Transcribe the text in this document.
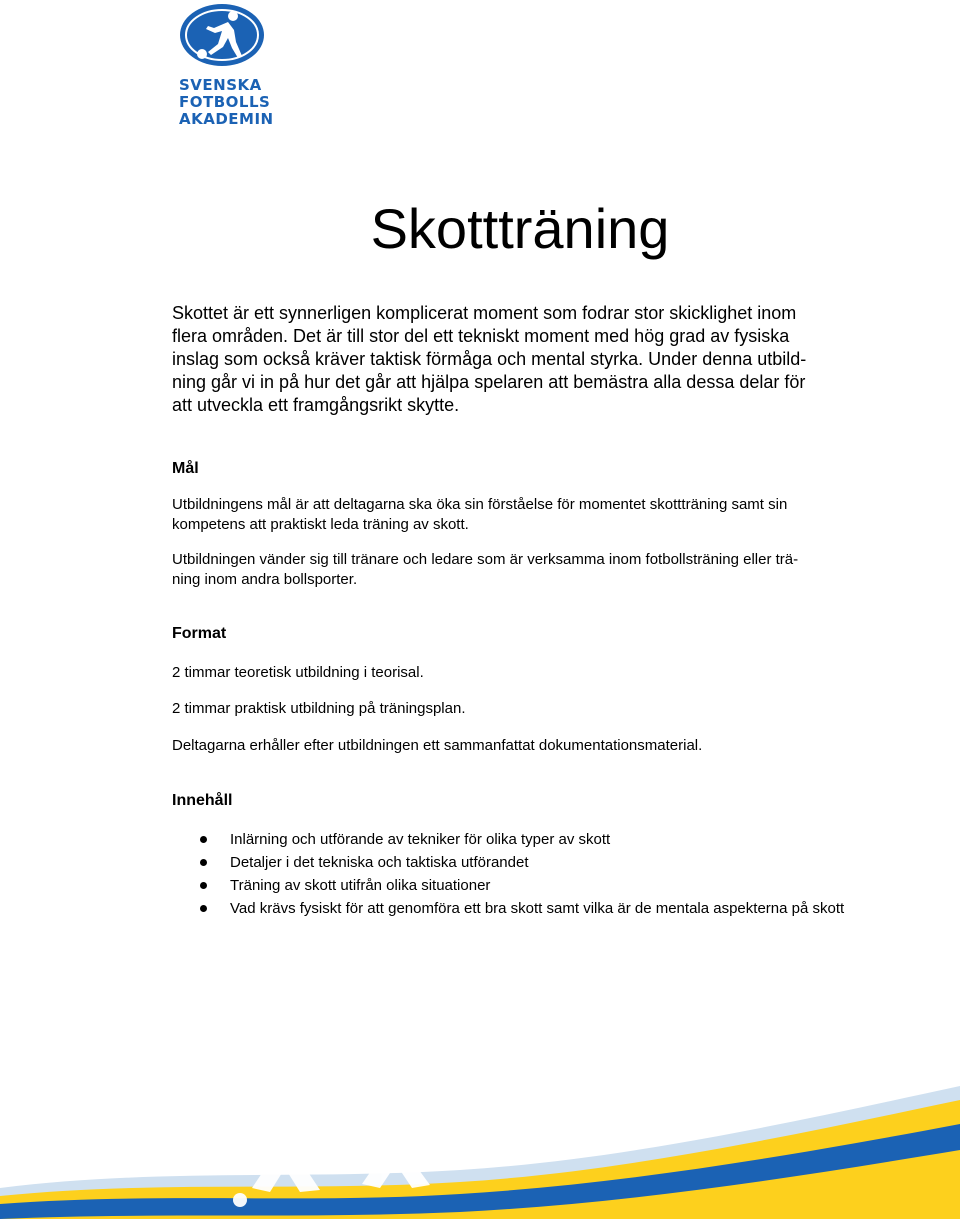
SVENSKA
FOTBOLLS
AKADEMIN
Skottträning

Skottet är ett synnerligen komplicerat moment som fodrar stor skicklighet inom
flera områden. Det är till stor del ett tekniskt moment med hög grad av fysiska
inslag som också kräver taktisk förmåga och mental styrka. Under denna utbild-
ning går vi in på hur det går att hjälpa spelaren att bemästra alla dessa delar för
att utveckla ett framgångsrikt skytte.

Mål

Utbildningens mål är att deltagarna ska öka sin förståelse för momentet skottträning samt sin
kompetens att praktiskt leda träning av skott.

Utbildningen vänder sig till tränare och ledare som är verksamma inom fotbollsträning eller trä-
ning inom andra bollsporter.

Format

2 timmar teoretisk utbildning i teorisal.

2 timmar praktisk utbildning på träningsplan.

Deltagarna erhåller efter utbildningen ett sammanfattat dokumentationsmaterial.

Innehåll
Inlärning och utförande av tekniker för olika typer av skott
Detaljer i det tekniska och taktiska utförandet
Träning av skott utifrån olika situationer
Vad krävs fysiskt för att genomföra ett bra skott samt vilka är de mentala aspekterna på skott
